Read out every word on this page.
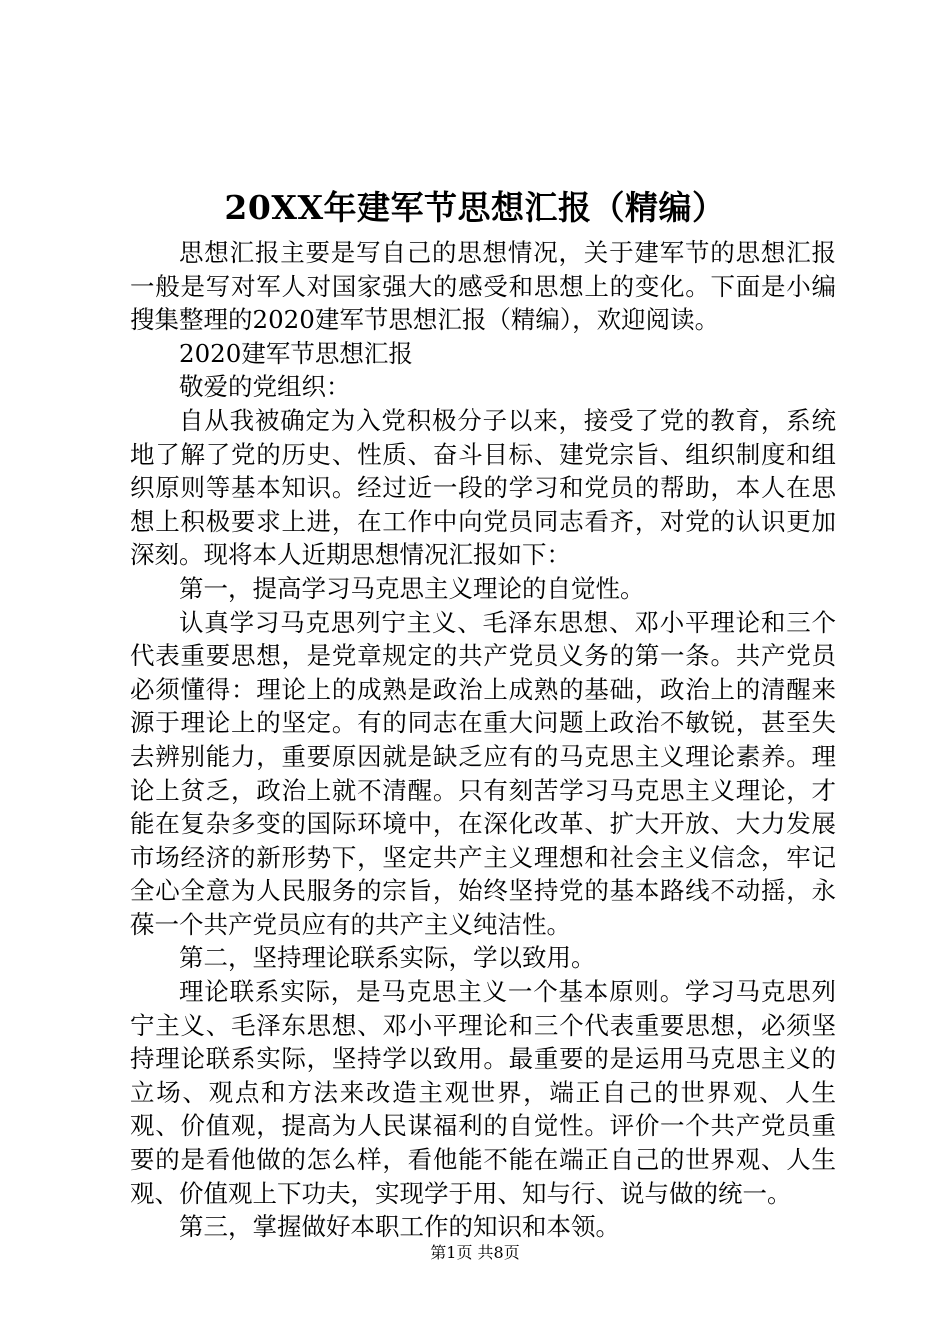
20XX年建军节思想汇报（精编）

思想汇报主要是写自己的思想情况，关于建军节的思想汇报一般是写对军人对国家强大的感受和思想上的变化。下面是小编搜集整理的2020建军节思想汇报（精编），欢迎阅读。

2020建军节思想汇报

敬爱的党组织：

自从我被确定为入党积极分子以来，接受了党的教育，系统地了解了党的历史、性质、奋斗目标、建党宗旨、组织制度和组织原则等基本知识。经过近一段的学习和党员的帮助，本人在思想上积极要求上进，在工作中向党员同志看齐，对党的认识更加深刻。现将本人近期思想情况汇报如下：

第一，提高学习马克思主义理论的自觉性。

认真学习马克思列宁主义、毛泽东思想、邓小平理论和三个代表重要思想，是党章规定的共产党员义务的第一条。共产党员必须懂得：理论上的成熟是政治上成熟的基础，政治上的清醒来源于理论上的坚定。有的同志在重大问题上政治不敏锐，甚至失去辨别能力，重要原因就是缺乏应有的马克思主义理论素养。理论上贫乏，政治上就不清醒。只有刻苦学习马克思主义理论，才能在复杂多变的国际环境中，在深化改革、扩大开放、大力发展市场经济的新形势下，坚定共产主义理想和社会主义信念，牢记全心全意为人民服务的宗旨，始终坚持党的基本路线不动摇，永葆一个共产党员应有的共产主义纯洁性。

第二，坚持理论联系实际，学以致用。

理论联系实际，是马克思主义一个基本原则。学习马克思列宁主义、毛泽东思想、邓小平理论和三个代表重要思想，必须坚持理论联系实际，坚持学以致用。最重要的是运用马克思主义的立场、观点和方法来改造主观世界，端正自己的世界观、人生观、价值观，提高为人民谋福利的自觉性。评价一个共产党员重要的是看他做的怎么样，看他能不能在端正自己的世界观、人生观、价值观上下功夫，实现学于用、知与行、说与做的统一。

第三，掌握做好本职工作的知识和本领。

第1页 共8页
